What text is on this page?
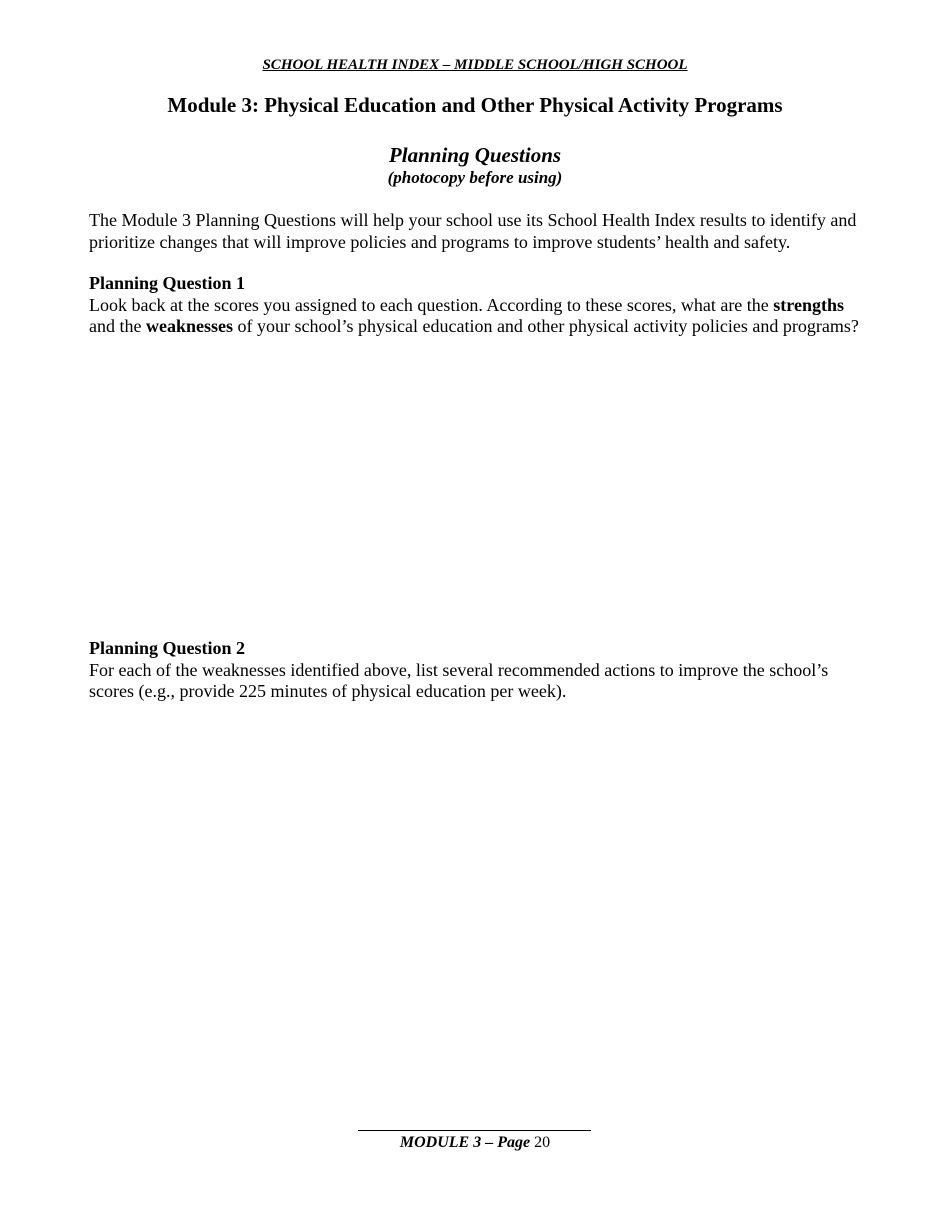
SCHOOL HEALTH INDEX – MIDDLE SCHOOL/HIGH SCHOOL
Module 3: Physical Education and Other Physical Activity Programs
Planning Questions
(photocopy before using)

The Module 3 Planning Questions will help your school use its School Health Index results to identify and prioritize changes that will improve policies and programs to improve students’ health and safety.

Planning Question 1

Look back at the scores you assigned to each question. According to these scores, what are the strengths and the weaknesses of your school’s physical education and other physical activity policies and programs?

Planning Question 2

For each of the weaknesses identified above, list several recommended actions to improve the school’s scores (e.g., provide 225 minutes of physical education per week).

MODULE 3 – Page 20
